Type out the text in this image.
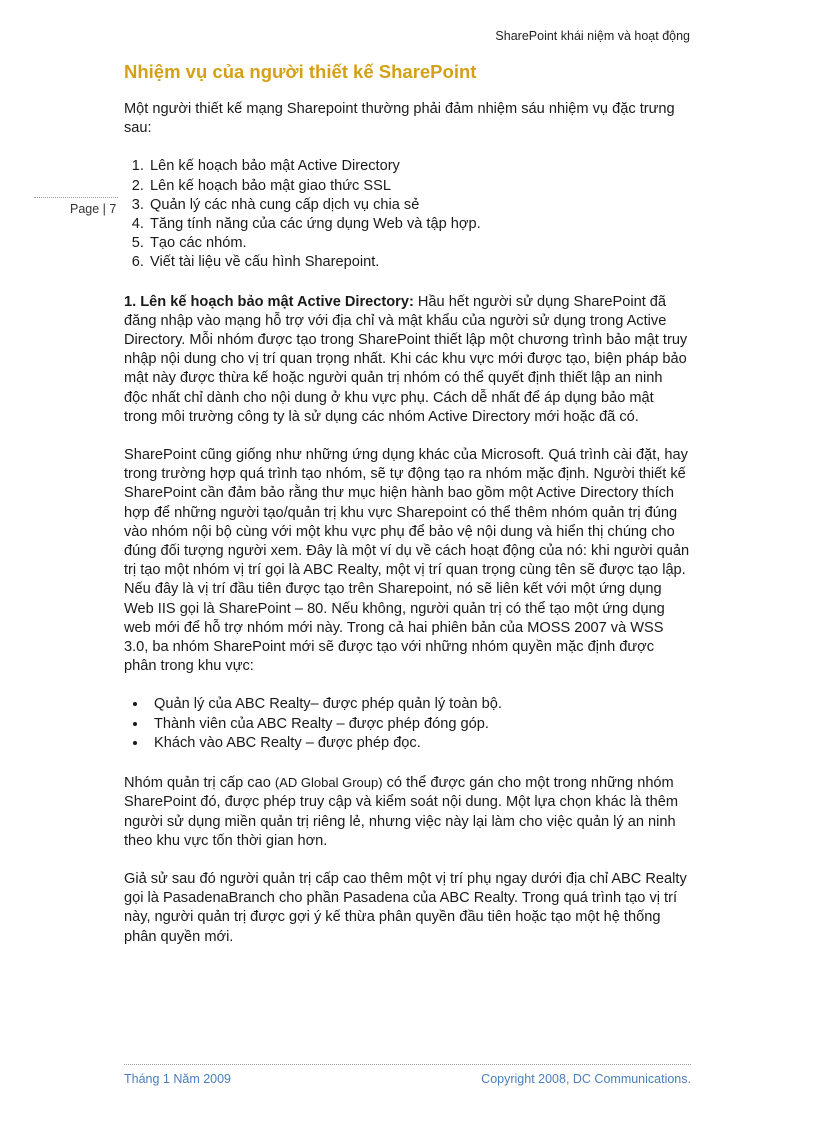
SharePoint khái niệm và hoạt động
Page | 7
Nhiệm vụ của người thiết kế SharePoint

Một người thiết kế mạng Sharepoint thường phải đảm nhiệm sáu nhiệm vụ đặc trưng sau:

1. Lên kế hoạch bảo mật Active Directory
2. Lên kế hoạch bảo mật giao thức SSL
3. Quản lý các nhà cung cấp dịch vụ chia sẻ
4. Tăng tính năng của các ứng dụng Web và tập hợp.
5. Tạo các nhóm.
6. Viết tài liệu về cấu hình Sharepoint.

1. Lên kế hoạch bảo mật Active Directory: Hầu hết người sử dụng SharePoint đã đăng nhập vào mạng hỗ trợ với địa chỉ và mật khẩu của người sử dụng trong Active Directory. Mỗi nhóm được tạo trong SharePoint thiết lập một chương trình bảo mật truy nhập nội dung cho vị trí quan trọng nhất. Khi các khu vực mới được tạo, biện pháp bảo mật này được thừa kế hoặc người quản trị nhóm có thể quyết định thiết lập an ninh độc nhất chỉ dành cho nội dung ở khu vực phụ. Cách dễ nhất để áp dụng bảo mật trong môi trường công ty là sử dụng các nhóm Active Directory mới hoặc đã có.

SharePoint cũng giống như những ứng dụng khác của Microsoft. Quá trình cài đặt, hay trong trường hợp quá trình tạo nhóm, sẽ tự động tạo ra nhóm mặc định. Người thiết kế SharePoint cần đảm bảo rằng thư mục hiện hành bao gồm một Active Directory thích hợp để những người tạo/quản trị khu vực Sharepoint có thể thêm nhóm quản trị đúng vào nhóm nội bộ cùng với một khu vực phụ để bảo vệ nội dung và hiển thị chúng cho đúng đối tượng người xem. Đây là một ví dụ về cách hoạt động của nó: khi người quản trị tạo một nhóm vị trí gọi là ABC Realty, một vị trí quan trọng cùng tên sẽ được tạo lập. Nếu đây là vị trí đầu tiên được tạo trên Sharepoint, nó sẽ liên kết với một ứng dụng Web IIS gọi là SharePoint – 80. Nếu không, người quản trị có thể tạo một ứng dụng web mới để hỗ trợ nhóm mới này. Trong cả hai phiên bản của MOSS 2007 và WSS 3.0, ba nhóm SharePoint mới sẽ được tạo với những nhóm quyền mặc định được phân trong khu vực:

• Quản lý của ABC Realty– được phép quản lý toàn bộ.
• Thành viên của ABC Realty – được phép đóng góp.
• Khách vào ABC Realty – được phép đọc.

Nhóm quản trị cấp cao (AD Global Group) có thể được gán cho một trong những nhóm SharePoint đó, được phép truy cập và kiểm soát nội dung. Một lựa chọn khác là thêm người sử dụng miền quản trị riêng lẻ, nhưng việc này lại làm cho việc quản lý an ninh theo khu vực tốn thời gian hơn.

Giả sử sau đó người quản trị cấp cao thêm một vị trí phụ ngay dưới địa chỉ ABC Realty gọi là PasadenaBranch cho phần Pasadena của ABC Realty. Trong quá trình tạo vị trí này, người quản trị được gợi ý kế thừa phân quyền đầu tiên hoặc tạo một hệ thống phân quyền mới.

Tháng 1 Năm 2009	Copyright 2008, DC Communications.
